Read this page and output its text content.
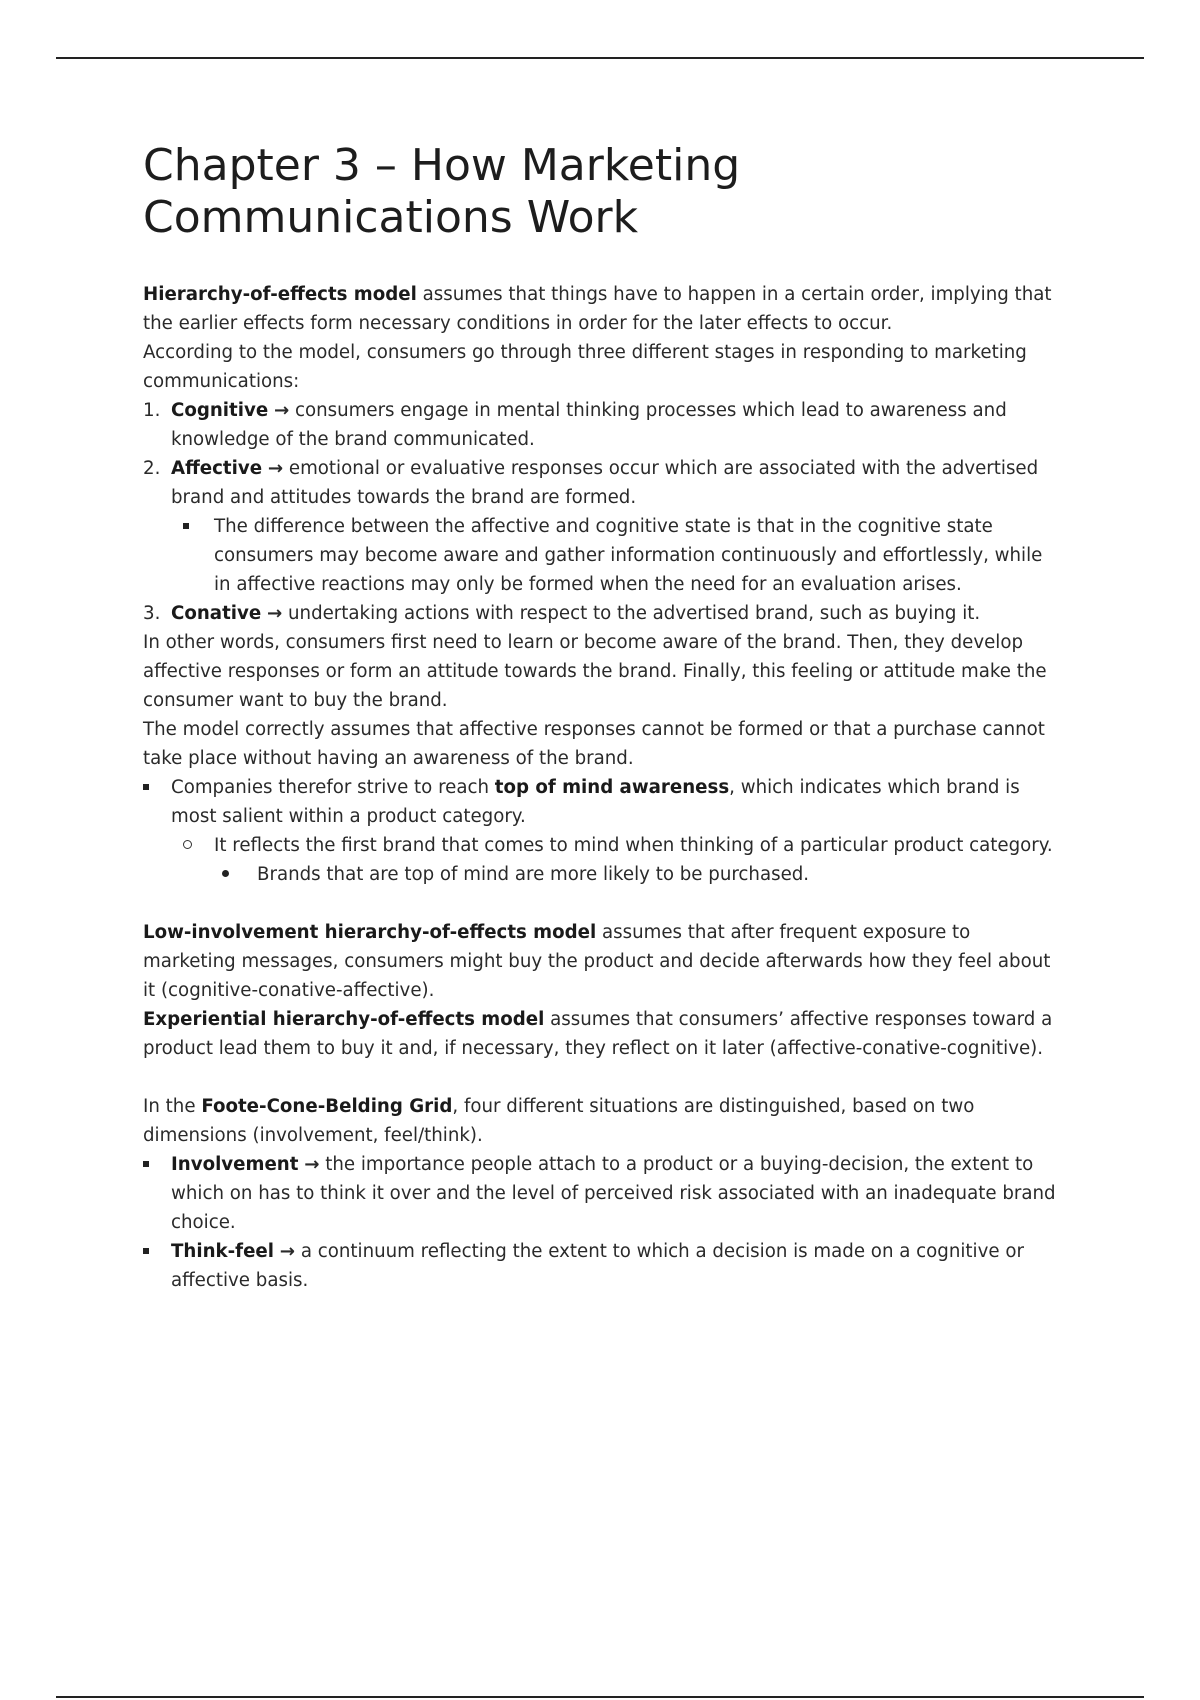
Chapter 3 – How Marketing Communications Work

Hierarchy-of-effects model assumes that things have to happen in a certain order, implying that the earlier effects form necessary conditions in order for the later effects to occur.

According to the model, consumers go through three different stages in responding to marketing communications:

1. Cognitive → consumers engage in mental thinking processes which lead to awareness and knowledge of the brand communicated.
2. Affective → emotional or evaluative responses occur which are associated with the advertised brand and attitudes towards the brand are formed.
The difference between the affective and cognitive state is that in the cognitive state consumers may become aware and gather information continuously and effortlessly, while in affective reactions may only be formed when the need for an evaluation arises.
3. Conative → undertaking actions with respect to the advertised brand, such as buying it.

In other words, consumers first need to learn or become aware of the brand. Then, they develop affective responses or form an attitude towards the brand. Finally, this feeling or attitude make the consumer want to buy the brand.

The model correctly assumes that affective responses cannot be formed or that a purchase cannot take place without having an awareness of the brand.

Companies therefor strive to reach top of mind awareness, which indicates which brand is most salient within a product category.
It reflects the first brand that comes to mind when thinking of a particular product category.
Brands that are top of mind are more likely to be purchased.

Low-involvement hierarchy-of-effects model assumes that after frequent exposure to marketing messages, consumers might buy the product and decide afterwards how they feel about it (cognitive-conative-affective).

Experiential hierarchy-of-effects model assumes that consumers’ affective responses toward a product lead them to buy it and, if necessary, they reflect on it later (affective-conative-cognitive).

In the Foote-Cone-Belding Grid, four different situations are distinguished, based on two dimensions (involvement, feel/think).

Involvement → the importance people attach to a product or a buying-decision, the extent to which on has to think it over and the level of perceived risk associated with an inadequate brand choice.
Think-feel → a continuum reflecting the extent to which a decision is made on a cognitive or affective basis.
